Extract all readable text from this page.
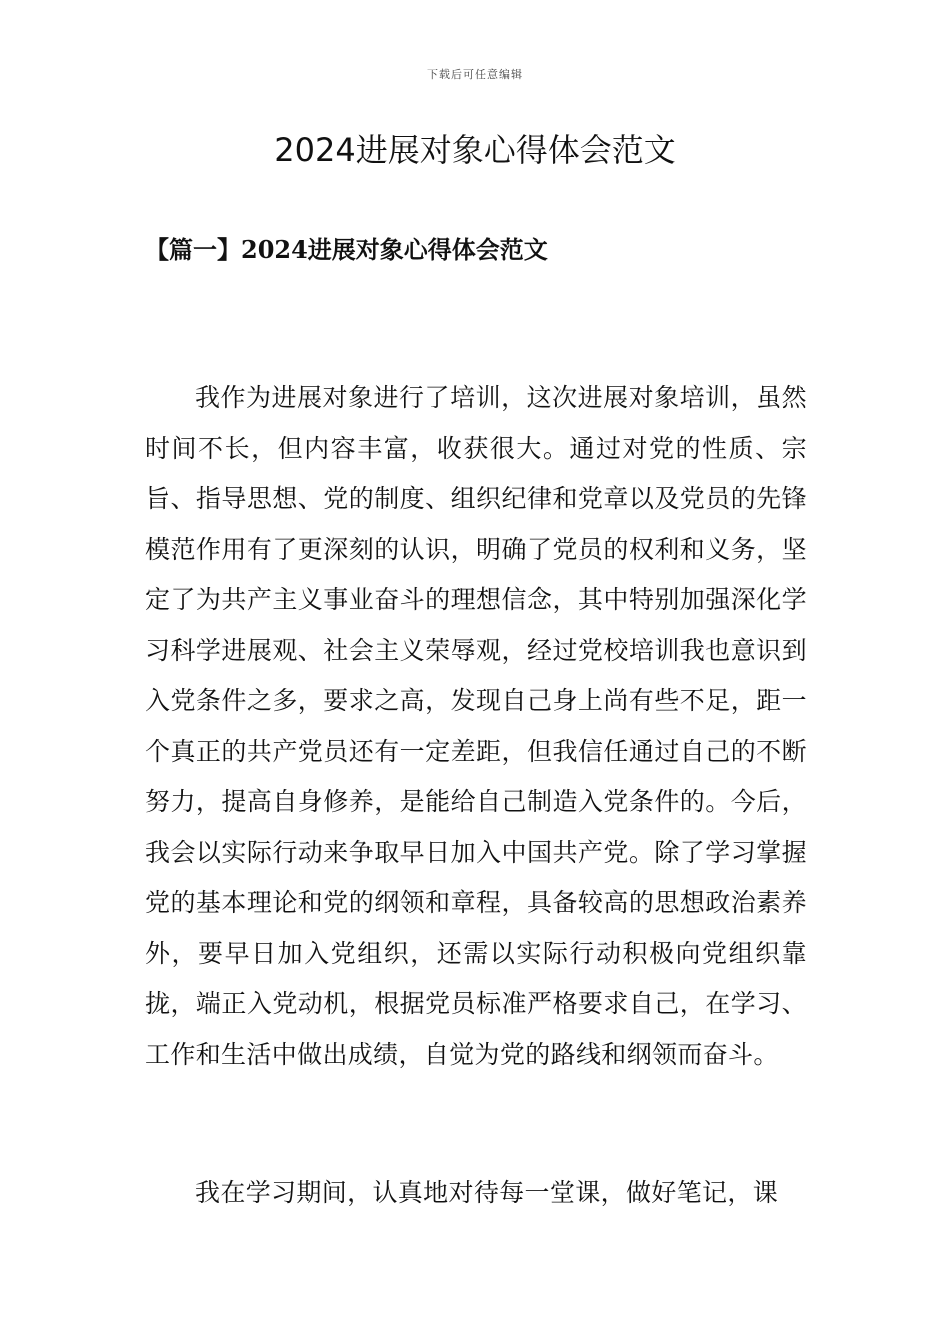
下载后可任意编辑
2024进展对象心得体会范文
【篇一】2024进展对象心得体会范文

我作为进展对象进行了培训，这次进展对象培训，虽然时间不长，但内容丰富，收获很大。通过对党的性质、宗旨、指导思想、党的制度、组织纪律和党章以及党员的先锋模范作用有了更深刻的认识，明确了党员的权利和义务，坚定了为共产主义事业奋斗的理想信念，其中特别加强深化学习科学进展观、社会主义荣辱观，经过党校培训我也意识到入党条件之多，要求之高，发现自己身上尚有些不足，距一个真正的共产党员还有一定差距，但我信任通过自己的不断努力，提高自身修养，是能给自己制造入党条件的。今后，我会以实际行动来争取早日加入中国共产党。除了学习掌握党的基本理论和党的纲领和章程，具备较高的思想政治素养外，要早日加入党组织，还需以实际行动积极向党组织靠拢，端正入党动机，根据党员标准严格要求自己，在学习、工作和生活中做出成绩，自觉为党的路线和纲领而奋斗。

我在学习期间，认真地对待每一堂课，做好笔记，课
